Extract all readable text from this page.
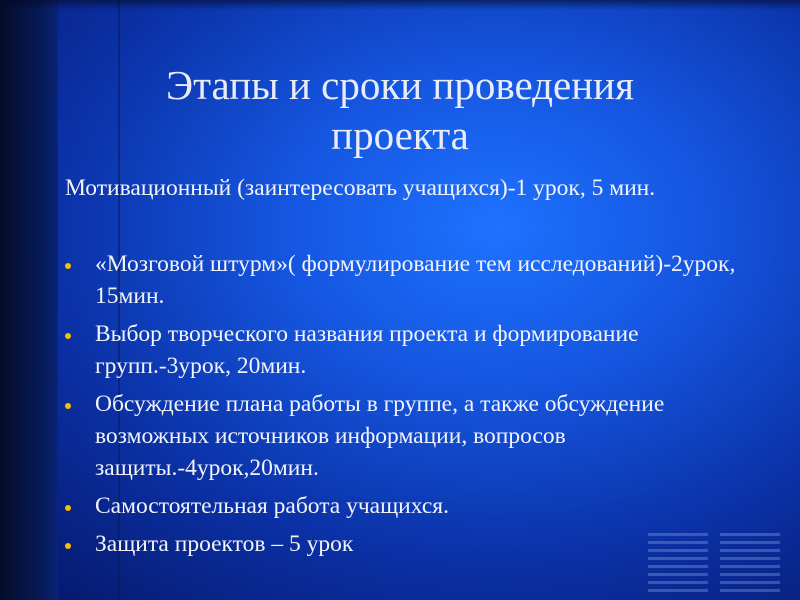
Этапы и сроки проведения
проекта

Мотивационный (заинтересовать учащихся)-1 урок, 5 мин.

«Мозговой штурм»( формулирование тем исследований)-2урок, 15мин.
Выбор творческого названия проекта и формирование групп.-3урок, 20мин.
Обсуждение плана работы в группе, а также обсуждение возможных источников информации, вопросов защиты.-4урок,20мин.
Самостоятельная работа учащихся.
Защита проектов – 5 урок
